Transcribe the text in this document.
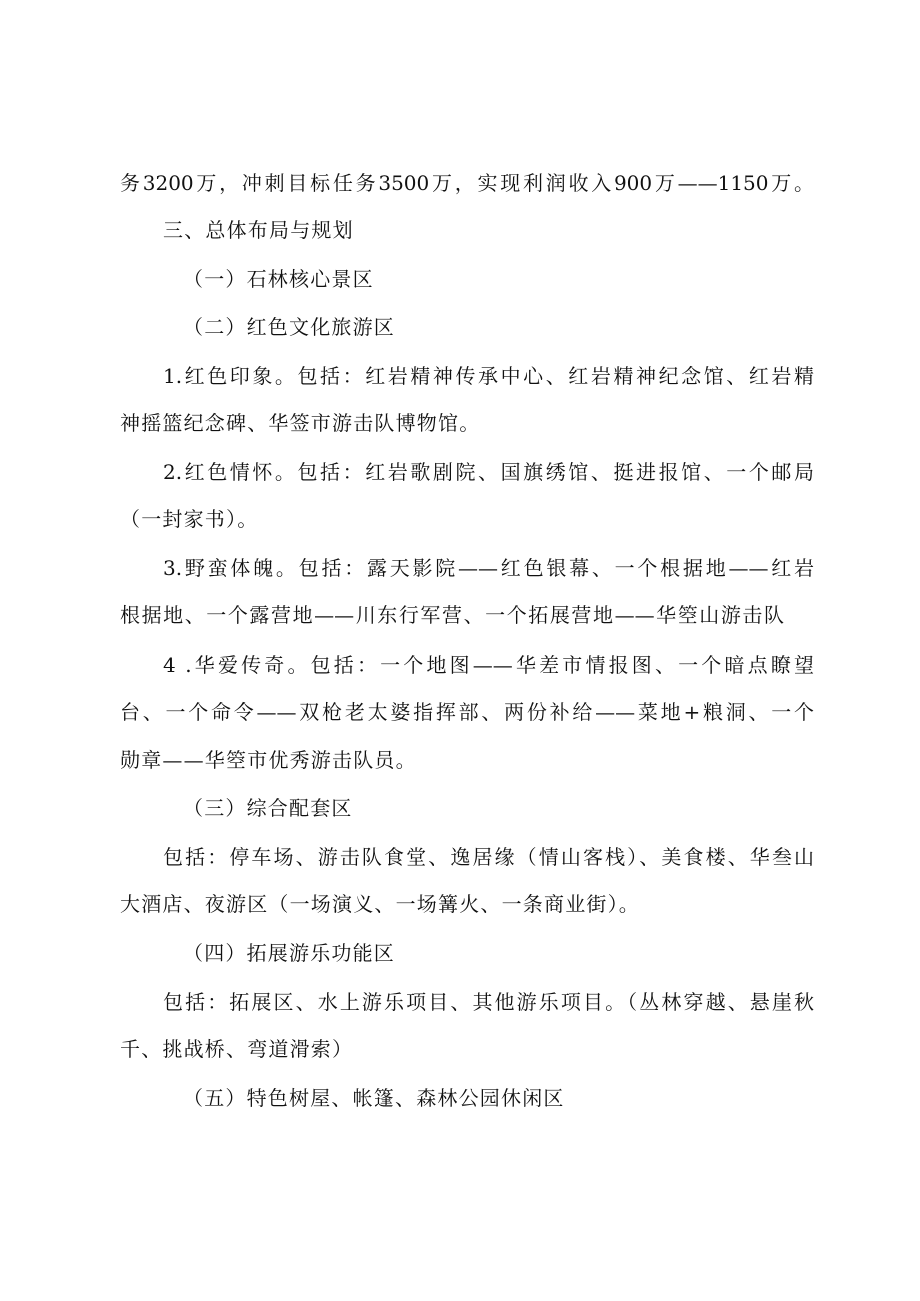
务3200万，冲刺目标任务3500万，实现利润收入900万——1150万。
三、总体布局与规划
（一）石林核心景区
（二）红色文化旅游区
1.红色印象。包括：红岩精神传承中心、红岩精神纪念馆、红岩精
神摇篮纪念碑、华签市游击队博物馆。
2.红色情怀。包括：红岩歌剧院、国旗绣馆、挺进报馆、一个邮局
（一封家书）。
3.野蛮体魄。包括：露天影院——红色银幕、一个根据地——红岩
根据地、一个露营地——川东行军营、一个拓展营地——华箜山游击队
4 .华爱传奇。包括：一个地图——华差市情报图、一个暗点瞭望
台、一个命令——双枪老太婆指挥部、两份补给——菜地+粮洞、一个
勋章——华箜市优秀游击队员。
（三）综合配套区
包括：停车场、游击队食堂、逸居缘（情山客栈）、美食楼、华叁山
大酒店、夜游区（一场演义、一场篝火、一条商业街）。
（四）拓展游乐功能区
包括：拓展区、水上游乐项目、其他游乐项目。（丛林穿越、悬崖秋
千、挑战桥、弯道滑索）
（五）特色树屋、帐篷、森林公园休闲区
